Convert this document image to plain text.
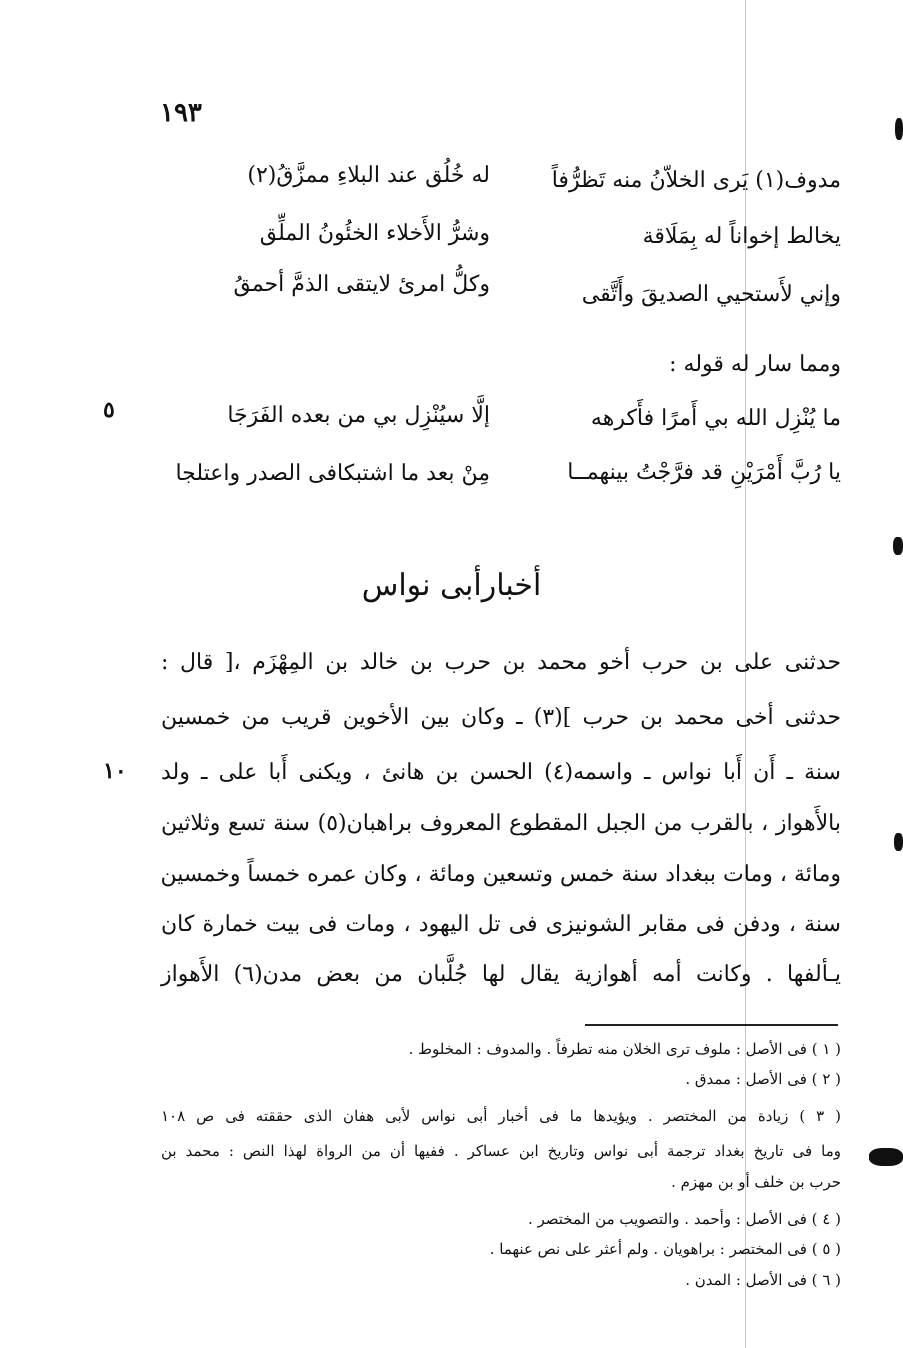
١٩٣
مدوف(١) يَرى الخلاّنُ منه تَظرُّفاً
له خُلُق عند البلاءِ ممزَّقُ(٢)
يخالط إخواناً له بِمَلَاقة
وشرُّ الأَخلاء الخئُونُ الملِّق
وإني لأَستحيي الصديقَ وأَتَّقى
وكلُّ امرئ لايتقى الذمَّ أحمقُ
ومما سار له قوله :
٥	ما يُنْزِل الله بي أَمرًا فأَكرهه
إلَّا سيُنْزِل بي من بعده الفَرَجَا
يا رُبَّ أَمْرَيْنِ قد فرَّجْتُ بينهمــا
مِنْ بعد ما اشتبكافى الصدر واعتلجا
أخبارأبى نواس
حدثنى على بن حرب أخو محمد بن حرب بن خالد بن المِهْزَم ،[ قال :
حدثنى أخى محمد بن حرب ](٣) ـ وكان بين الأخوين قريب من خمسين
١٠ سنة ـ أَن أَبا نواس ـ واسمه(٤) الحسن بن هانئ ، ويكنى أَبا على ـ ولد
بالأَهواز ، بالقرب من الجبل المقطوع المعروف براهبان(٥) سنة تسع وثلاثين
ومائة ، ومات ببغداد سنة خمس وتسعين ومائة ، وكان عمره خمساً وخمسين
سنة ، ودفن فى مقابر الشونيزى فى تل اليهود ، ومات فى بيت خمارة كان
يـألفها . وكانت أمه أهوازية يقال لها جُلَّبان من بعض مدن(٦) الأَهواز
( ١ ) فى الأصل : ملوف ترى الخلان منه تطرفاً . والمدوف : المخلوط .
( ٢ ) فى الأصل : ممدق .
( ٣ ) زيادة من المختصر . ويؤيدها ما فى أخبار أبى نواس لأبى هفان الذى حققته فى ص ١٠٨
وما فى تاريخ بغداد ترجمة أبى نواس وتاريخ ابن عساكر . ففيها أن من الرواة لهذا النص : محمد بن
حرب بن خلف أو بن مهزم .
( ٤ ) فى الأصل : وأحمد . والتصويب من المختصر .
( ٥ ) فى المختصر : براهويان . ولم أعثر على نص عنهما .
( ٦ ) فى الأصل : المدن .
